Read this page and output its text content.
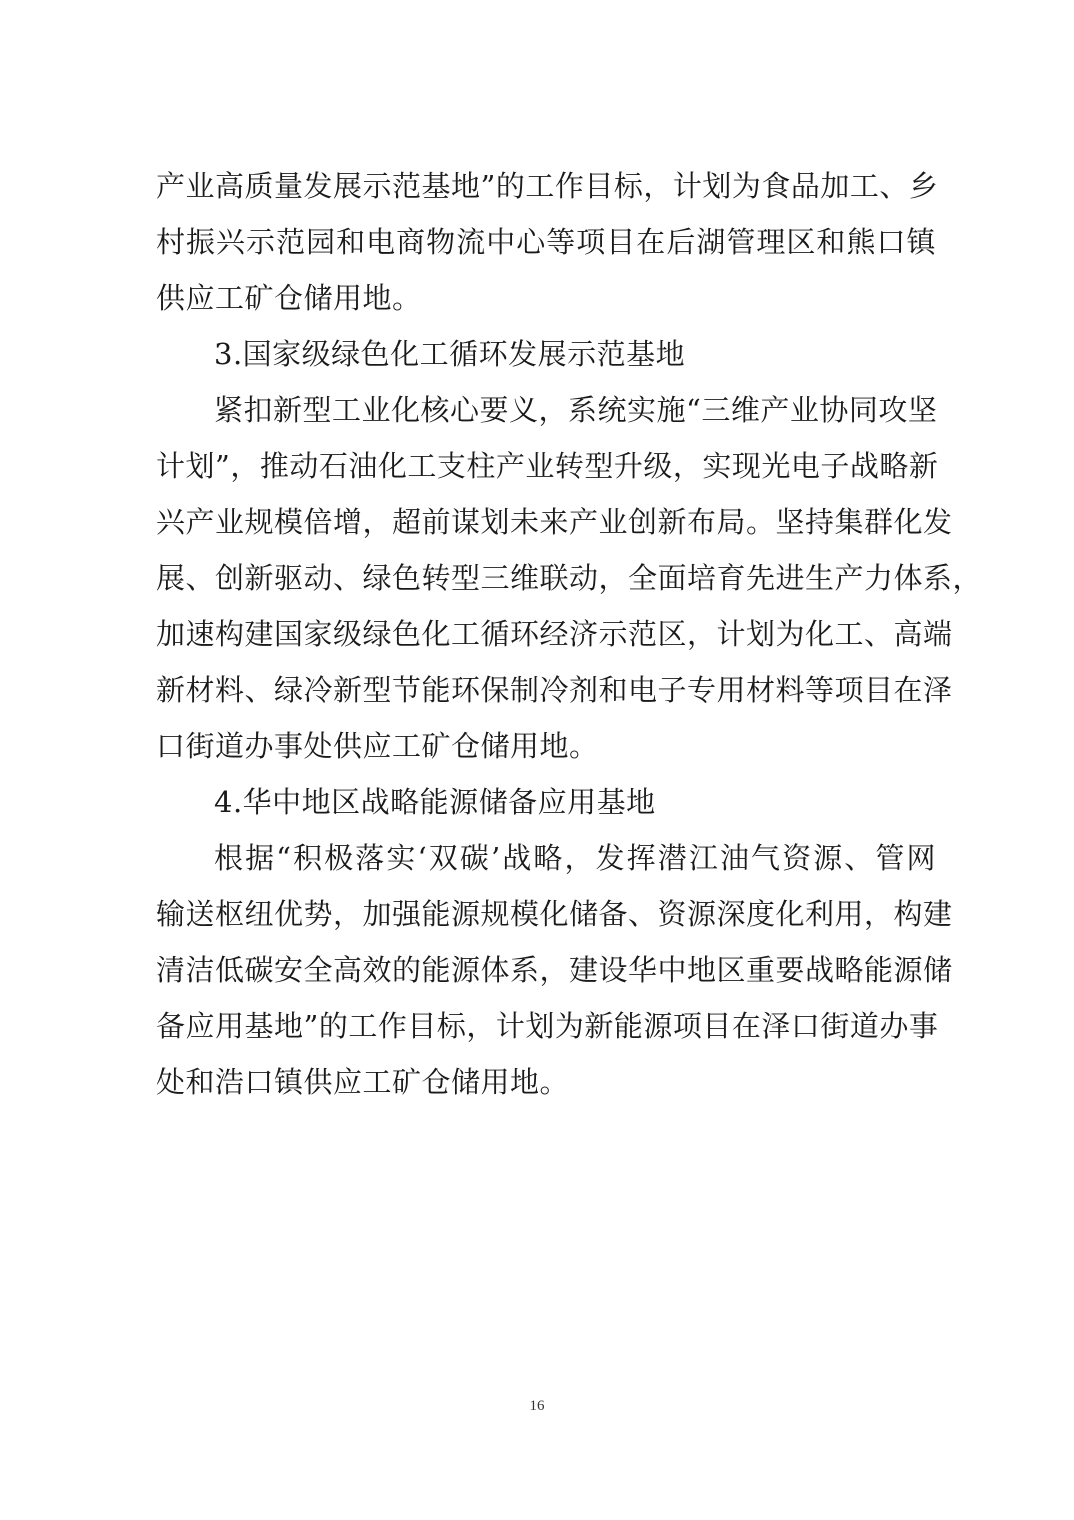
产业高质量发展示范基地”的工作目标，计划为食品加工、乡
村振兴示范园和电商物流中心等项目在后湖管理区和熊口镇
供应工矿仓储用地。
3.国家级绿色化工循环发展示范基地
紧扣新型工业化核心要义，系统实施“三维产业协同攻坚
计划”，推动石油化工支柱产业转型升级，实现光电子战略新
兴产业规模倍增，超前谋划未来产业创新布局。坚持集群化发
展、创新驱动、绿色转型三维联动，全面培育先进生产力体系，
加速构建国家级绿色化工循环经济示范区，计划为化工、高端
新材料、绿冷新型节能环保制冷剂和电子专用材料等项目在泽
口街道办事处供应工矿仓储用地。
4.华中地区战略能源储备应用基地
根据“积极落实‘双碳’战略，发挥潜江油气资源、管网
输送枢纽优势，加强能源规模化储备、资源深度化利用，构建
清洁低碳安全高效的能源体系，建设华中地区重要战略能源储
备应用基地”的工作目标，计划为新能源项目在泽口街道办事
处和浩口镇供应工矿仓储用地。
16
